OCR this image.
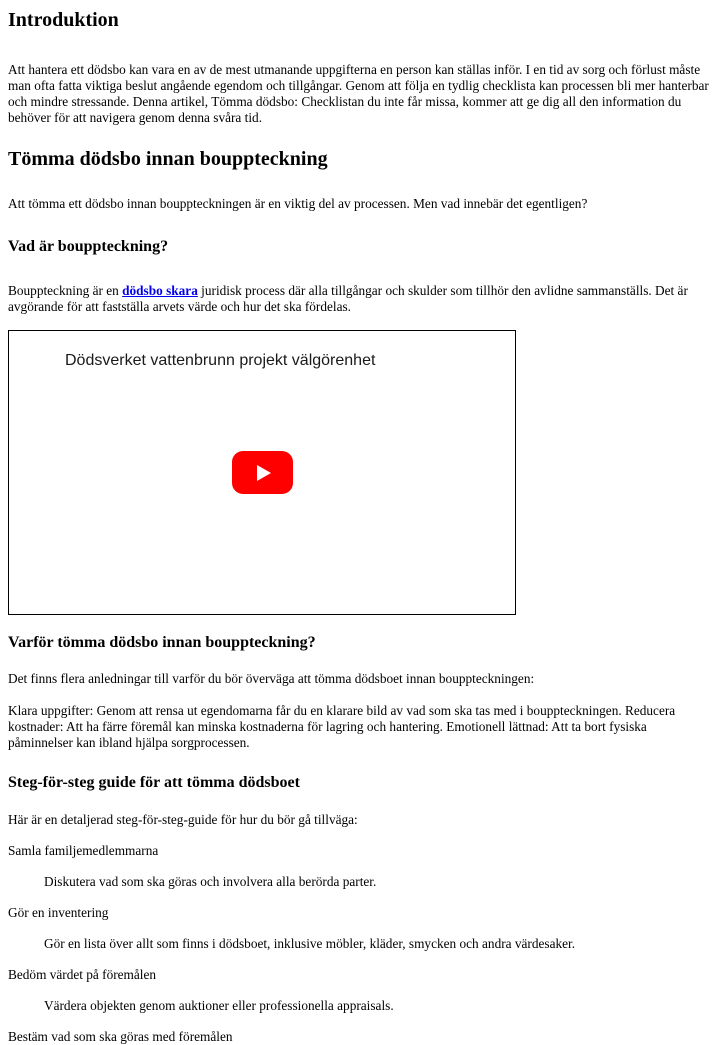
Introduktion

Att hantera ett dödsbo kan vara en av de mest utmanande uppgifterna en person kan ställas inför. I en tid av sorg och förlust måste man ofta fatta viktiga beslut angående egendom och tillgångar. Genom att följa en tydlig checklista kan processen bli mer hanterbar och mindre stressande. Denna artikel, Tömma dödsbo: Checklistan du inte får missa, kommer att ge dig all den information du behöver för att navigera genom denna svåra tid.

Tömma dödsbo innan bouppteckning

Att tömma ett dödsbo innan bouppteckningen är en viktig del av processen. Men vad innebär det egentligen?

Vad är bouppteckning?

Bouppteckning är en dödsbo skara juridisk process där alla tillgångar och skulder som tillhör den avlidne sammanställs. Det är avgörande för att fastställa arvets värde och hur det ska fördelas.

Dödsverket vattenbrunn projekt välgörenhet
Varför tömma dödsbo innan bouppteckning?

Det finns flera anledningar till varför du bör överväga att tömma dödsboet innan bouppteckningen:

Klara uppgifter: Genom att rensa ut egendomarna får du en klarare bild av vad som ska tas med i bouppteckningen. Reducera kostnader: Att ha färre föremål kan minska kostnaderna för lagring och hantering. Emotionell lättnad: Att ta bort fysiska påminnelser kan ibland hjälpa sorgprocessen.

Steg-för-steg guide för att tömma dödsboet

Här är en detaljerad steg-för-steg-guide för hur du bör gå tillväga:

Samla familjemedlemmarna

Diskutera vad som ska göras och involvera alla berörda parter.

Gör en inventering

Gör en lista över allt som finns i dödsboet, inklusive möbler, kläder, smycken och andra värdesaker.

Bedöm värdet på föremålen

Värdera objekten genom auktioner eller professionella appraisals.

Bestäm vad som ska göras med föremålen
